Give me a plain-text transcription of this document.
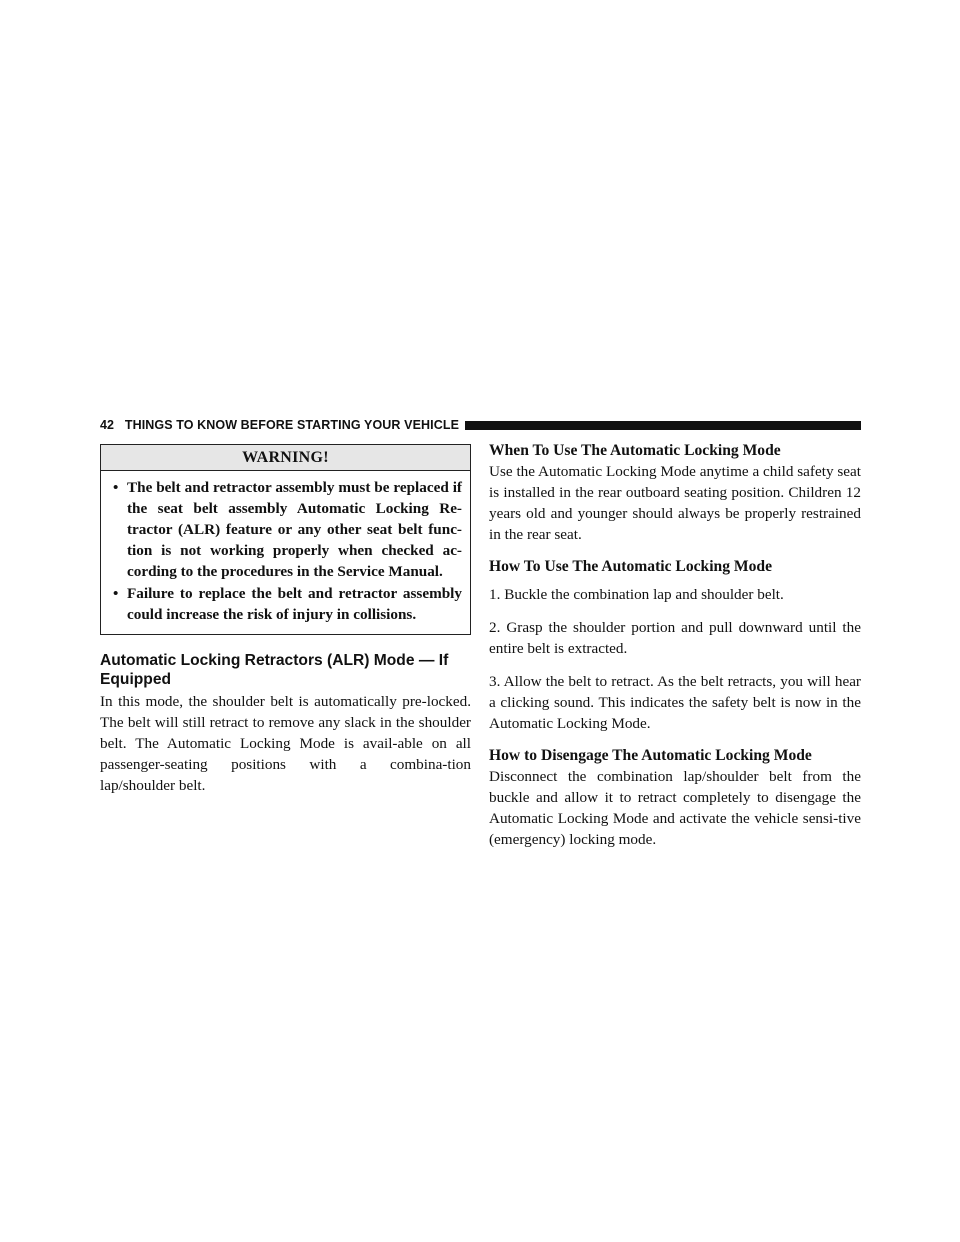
42 THINGS TO KNOW BEFORE STARTING YOUR VEHICLE
WARNING!
• The belt and retractor assembly must be replaced if the seat belt assembly Automatic Locking Re-tractor (ALR) feature or any other seat belt func-tion is not working properly when checked ac-cording to the procedures in the Service Manual.
• Failure to replace the belt and retractor assembly could increase the risk of injury in collisions.
Automatic Locking Retractors (ALR) Mode — If Equipped

In this mode, the shoulder belt is automatically pre-locked. The belt will still retract to remove any slack in the shoulder belt. The Automatic Locking Mode is avail-able on all passenger-seating positions with a combina-tion lap/shoulder belt.

When To Use The Automatic Locking Mode

Use the Automatic Locking Mode anytime a child safety seat is installed in the rear outboard seating position. Children 12 years old and younger should always be properly restrained in the rear seat.

How To Use The Automatic Locking Mode

1. Buckle the combination lap and shoulder belt.

2. Grasp the shoulder portion and pull downward until the entire belt is extracted.

3. Allow the belt to retract. As the belt retracts, you will hear a clicking sound. This indicates the safety belt is now in the Automatic Locking Mode.

How to Disengage The Automatic Locking Mode

Disconnect the combination lap/shoulder belt from the buckle and allow it to retract completely to disengage the Automatic Locking Mode and activate the vehicle sensi-tive (emergency) locking mode.
